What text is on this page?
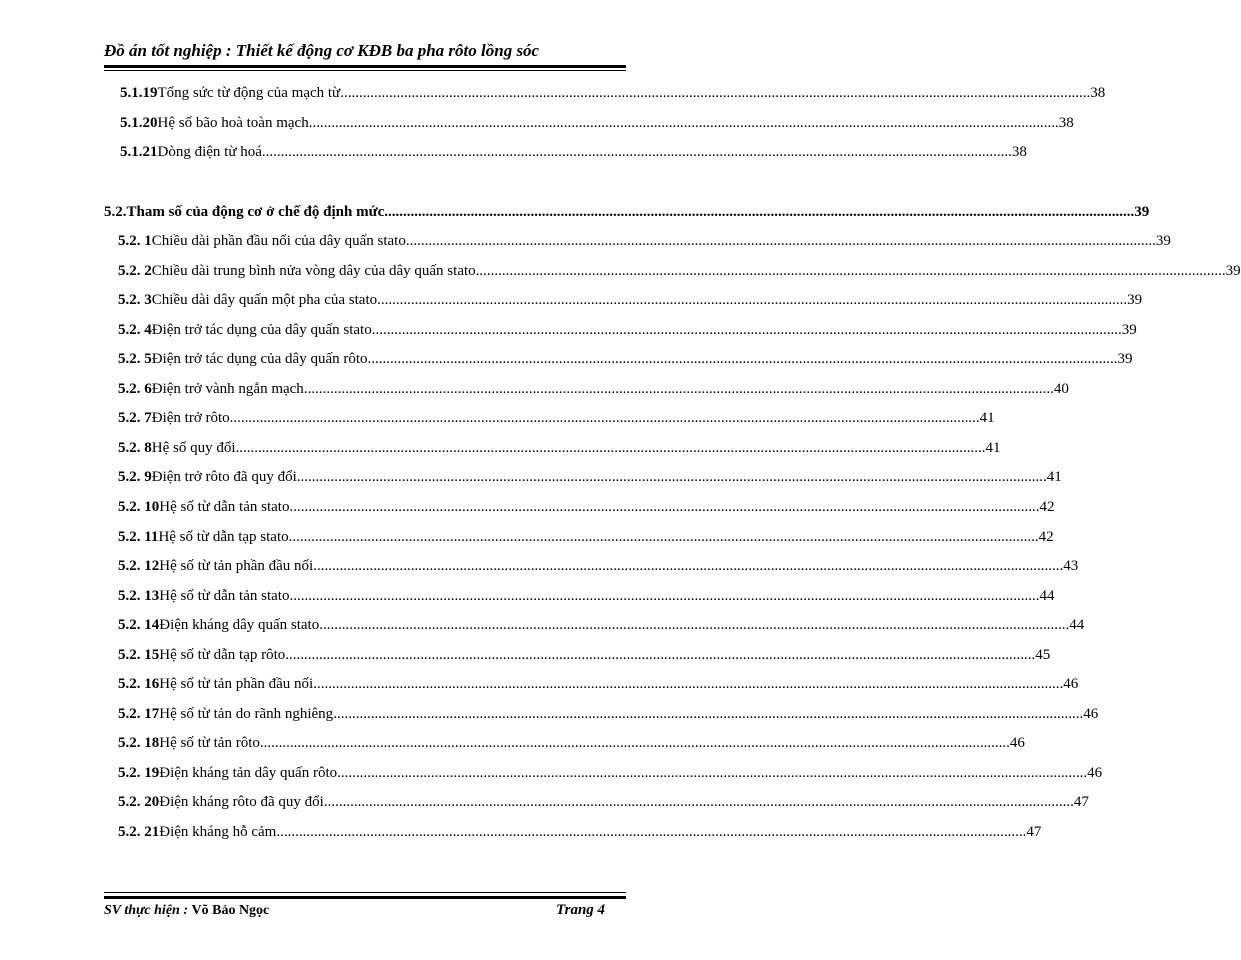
Đồ án tốt nghiệp : Thiết kế động cơ KĐB ba pha rôto lồng sóc
5.1.19 Tổng sức từ động của mạch từ ........................................................................................................................................................................................................ 38
5.1.20 Hệ số bão hoà toàn mạch ........................................................................................................................................................................................................ 38
5.1.21 Dòng điện từ hoá ........................................................................................................................................................................................................ 38
5.2. Tham số của động cơ ở chế độ định mức ........................................................................................................................................................................................................ 39
5.2. 1 Chiều dài phần đầu nối của dây quấn stato ........................................................................................................................................................................................................ 39
5.2. 2 Chiều dài trung bình nửa vòng dây của dây quấn stato ........................................................................................................................................................................................................ 39
5.2. 3 Chiều dài dây quấn một pha của stato ........................................................................................................................................................................................................ 39
5.2. 4 Điện trở tác dụng của dây quấn stato ........................................................................................................................................................................................................ 39
5.2. 5 Điện trở tác dụng của dây quấn rôto ........................................................................................................................................................................................................ 39
5.2. 6 Điện trở vành ngắn mạch ........................................................................................................................................................................................................ 40
5.2. 7 Điện trở rôto ........................................................................................................................................................................................................ 41
5.2. 8 Hệ số quy đổi ........................................................................................................................................................................................................ 41
5.2. 9 Điện trở rôto đã quy đổi ........................................................................................................................................................................................................ 41
5.2. 10 Hệ số từ dẫn tản stato ........................................................................................................................................................................................................ 42
5.2. 11 Hệ số từ dẫn tạp stato ........................................................................................................................................................................................................ 42
5.2. 12 Hệ số từ tản phần đầu nối ........................................................................................................................................................................................................ 43
5.2. 13 Hệ số từ dẫn tản stato ........................................................................................................................................................................................................ 44
5.2. 14 Điện kháng dây quấn stato ........................................................................................................................................................................................................ 44
5.2. 15 Hệ số từ dẫn tạp rôto ........................................................................................................................................................................................................ 45
5.2. 16 Hệ số từ tản phần đầu nối ........................................................................................................................................................................................................ 46
5.2. 17 Hệ số từ tản do rãnh nghiêng ........................................................................................................................................................................................................ 46
5.2. 18 Hệ số từ tản rôto ........................................................................................................................................................................................................ 46
5.2. 19 Điện kháng tản dây quấn rôto ........................................................................................................................................................................................................ 46
5.2. 20 Điện kháng rôto đã quy đổi ........................................................................................................................................................................................................ 47
5.2. 21 Điện kháng hỗ cảm ........................................................................................................................................................................................................ 47
SV thực hiện : Võ Bảo Ngọc	Trang 4
